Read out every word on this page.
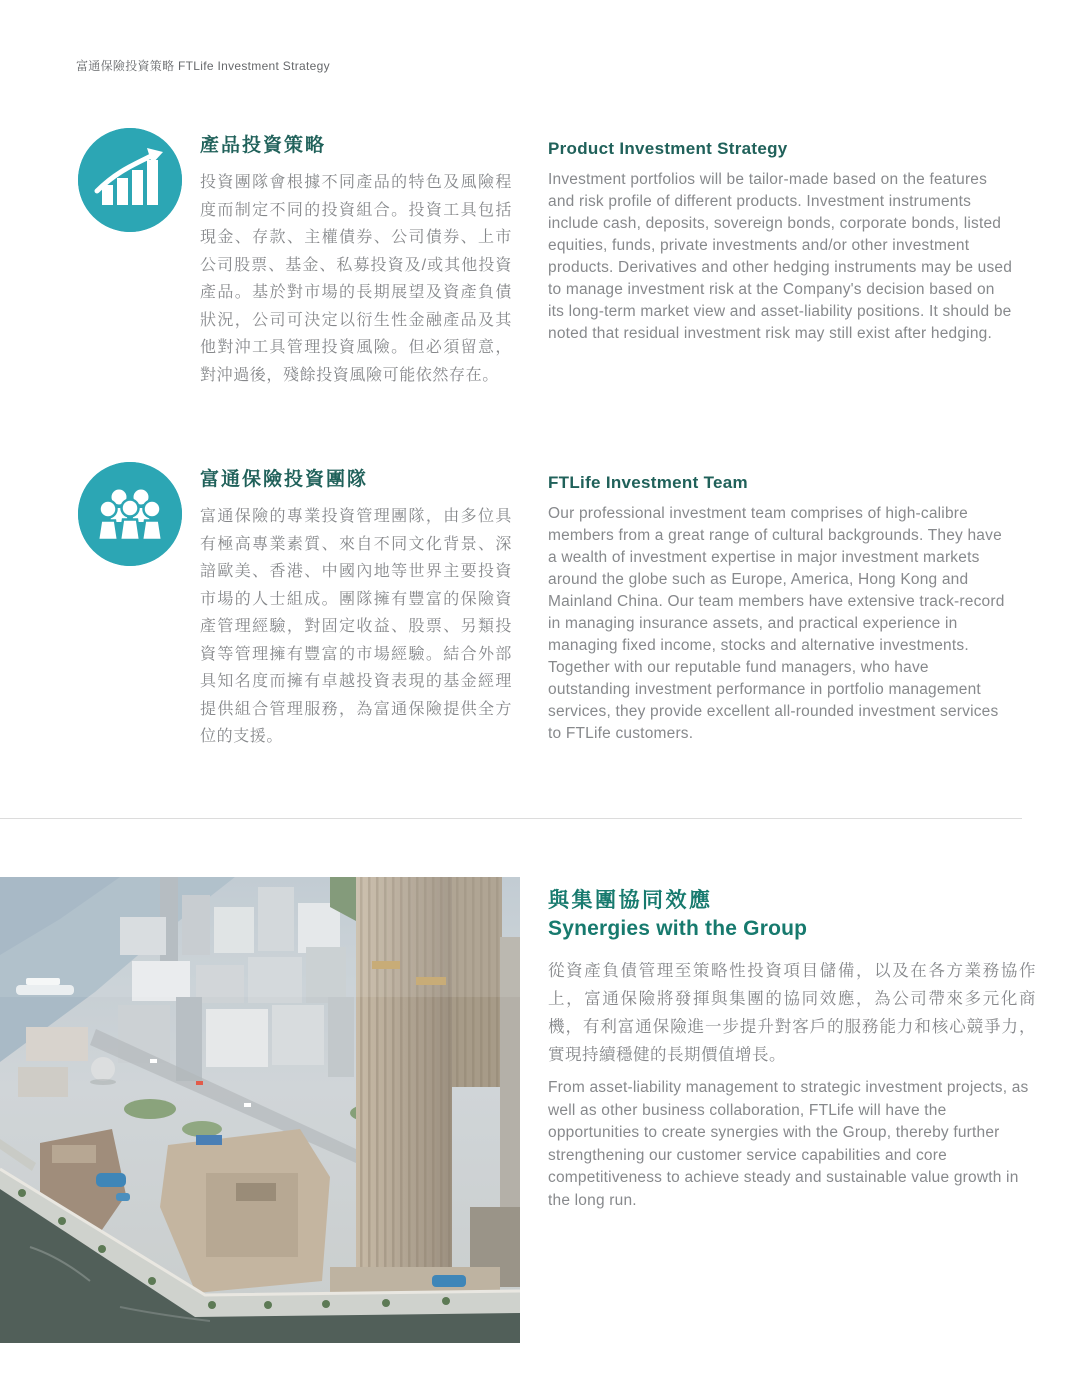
富通保險投資策略 FTLife Investment Strategy
產品投資策略

投資團隊會根據不同產品的特色及風險程度而制定不同的投資組合。投資工具包括現金、存款、主權債券、公司債券、上市公司股票、基金、私募投資及/或其他投資產品。基於對市場的長期展望及資產負債狀況，公司可決定以衍生性金融產品及其他對沖工具管理投資風險。但必須留意，對沖過後，殘餘投資風險可能依然存在。

Product Investment Strategy

Investment portfolios will be tailor-made based on the features and risk profile of different products. Investment instruments include cash, deposits, sovereign bonds, corporate bonds, listed equities, funds, private investments and/or other investment products. Derivatives and other hedging instruments may be used to manage investment risk at the Company's decision based on its long-term market view and asset-liability positions. It should be noted that residual investment risk may still exist after hedging.

富通保險投資團隊

富通保險的專業投資管理團隊，由多位具有極高專業素質、來自不同文化背景、深諳歐美、香港、中國內地等世界主要投資市場的人士組成。團隊擁有豐富的保險資產管理經驗，對固定收益、股票、另類投資等管理擁有豐富的市場經驗。結合外部具知名度而擁有卓越投資表現的基金經理提供組合管理服務，為富通保險提供全方位的支援。

FTLife Investment Team

Our professional investment team comprises of high-calibre members from a great range of cultural backgrounds. They have a wealth of investment expertise in major investment markets around the globe such as Europe, America, Hong Kong and Mainland China. Our team members have extensive track-record in managing insurance assets, and practical experience in managing fixed income, stocks and alternative investments. Together with our reputable fund managers, who have outstanding investment performance in portfolio management services, they provide excellent all-rounded investment services to FTLife customers.

與集團協同效應
Synergies with the Group

從資產負債管理至策略性投資項目儲備，以及在各方業務協作上，富通保險將發揮與集團的協同效應，為公司帶來多元化商機，有利富通保險進一步提升對客戶的服務能力和核心競爭力，實現持續穩健的長期價值增長。

From asset-liability management to strategic investment projects, as well as other business collaboration, FTLife will have the opportunities to create synergies with the Group, thereby further strengthening our customer service capabilities and core competitiveness to achieve steady and sustainable value growth in the long run.
